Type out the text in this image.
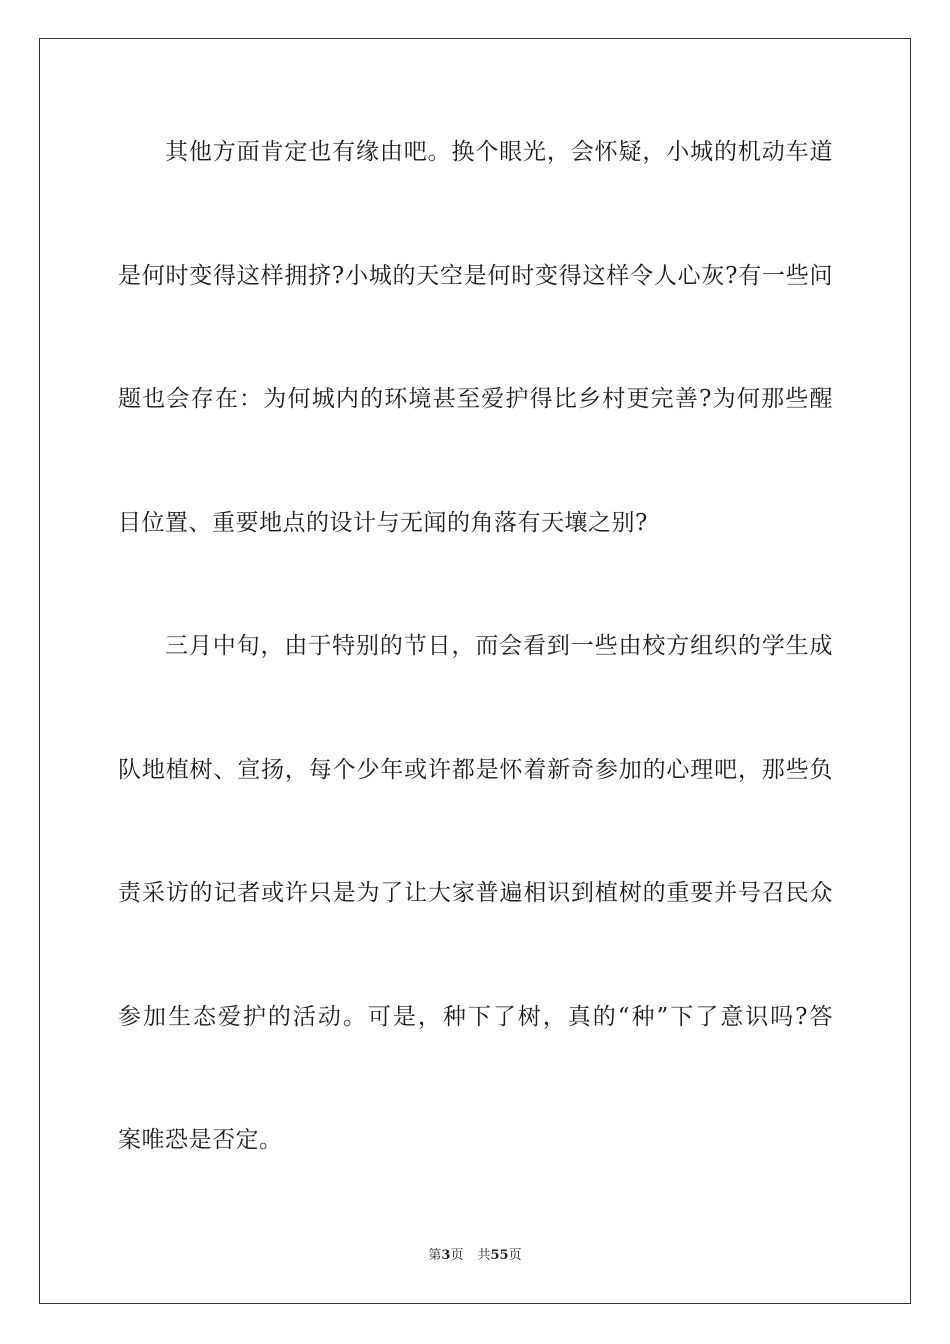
其他方面肯定也有缘由吧。换个眼光，会怀疑，小城的机动车道
是何时变得这样拥挤?小城的天空是何时变得这样令人心灰?有一些问
题也会存在：为何城内的环境甚至爱护得比乡村更完善?为何那些醒
目位置、重要地点的设计与无闻的角落有天壤之别?
三月中旬，由于特别的节日，而会看到一些由校方组织的学生成
队地植树、宣扬，每个少年或许都是怀着新奇参加的心理吧，那些负
责采访的记者或许只是为了让大家普遍相识到植树的重要并号召民众
参加生态爱护的活动。可是，种下了树，真的“种”下了意识吗?答
案唯恐是否定。
第3页 共55页
